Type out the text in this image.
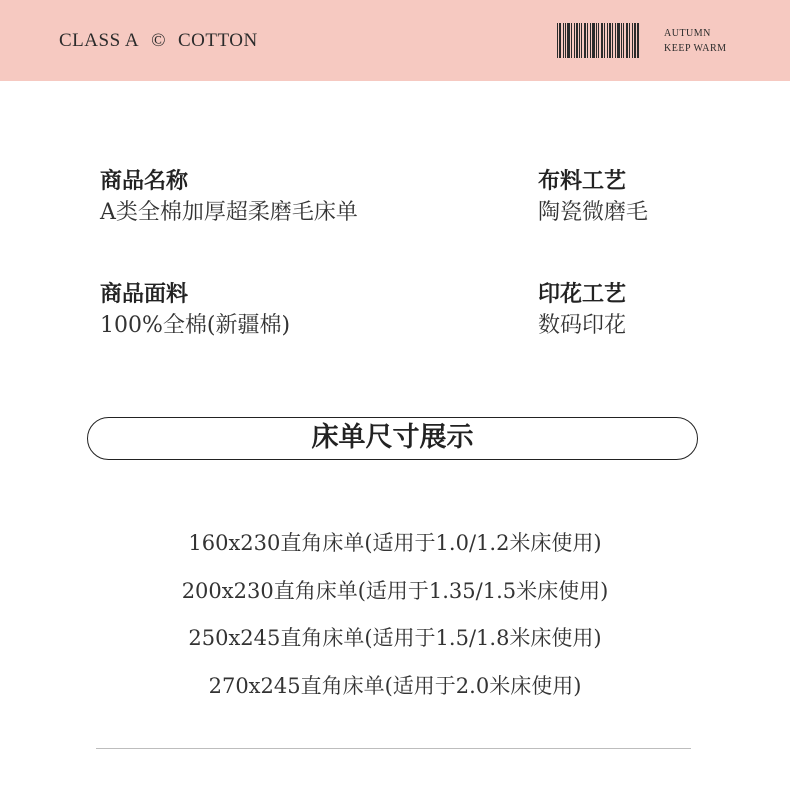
CLASS A © COTTON	AUTUMN
KEEP WARM
商品名称
A类全棉加厚超柔磨毛床单
布料工艺
陶瓷微磨毛
商品面料
100%全棉(新疆棉)
印花工艺
数码印花
床单尺寸展示
160x230直角床单(适用于1.0/1.2米床使用)
200x230直角床单(适用于1.35/1.5米床使用)
250x245直角床单(适用于1.5/1.8米床使用)
270x245直角床单(适用于2.0米床使用)
